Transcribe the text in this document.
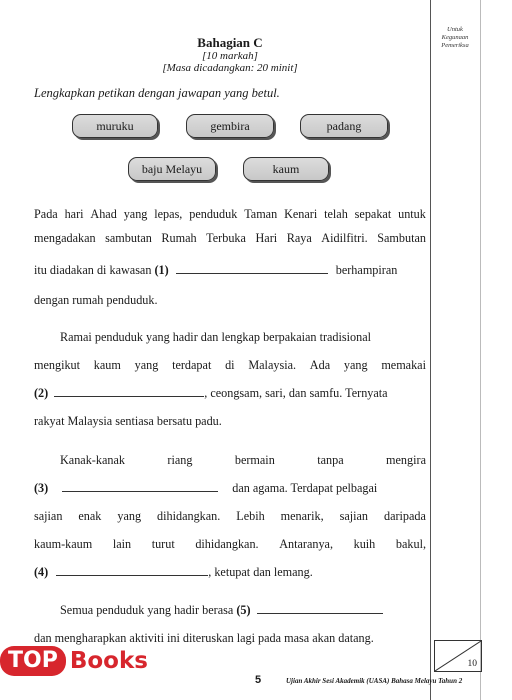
Untuk
Kegunaan
Pemeriksa
Bahagian C
[10 markah]
[Masa dicadangkan: 20 minit]
Lengkapkan petikan dengan jawapan yang betul.
muruku	gembira	padang
baju Melayu	kaum
Pada hari Ahad yang lepas, penduduk Taman Kenari telah sepakat untuk
mengadakan sambutan Rumah Terbuka Hari Raya Aidilfitri. Sambutan
itu diadakan di kawasan (1)	berhampiran
dengan rumah penduduk.
Ramai penduduk yang hadir dan lengkap berpakaian tradisional
mengikut kaum yang terdapat di Malaysia. Ada yang memakai
(2)	, ceongsam, sari, dan samfu. Ternyata
rakyat Malaysia sentiasa bersatu padu.
Kanak-kanak	riang	bermain	tanpa	mengira
(3)	dan agama. Terdapat pelbagai
sajian enak yang dihidangkan. Lebih menarik, sajian daripada
kaum-kaum lain turut dihidangkan. Antaranya, kuih bakul,
(4)	, ketupat dan lemang.
Semua penduduk yang hadir berasa (5)
dan mengharapkan aktiviti ini diteruskan lagi pada masa akan datang.
10
TOP Books
5	Ujian Akhir Sesi Akademik (UASA) Bahasa Melayu Tahun 2
